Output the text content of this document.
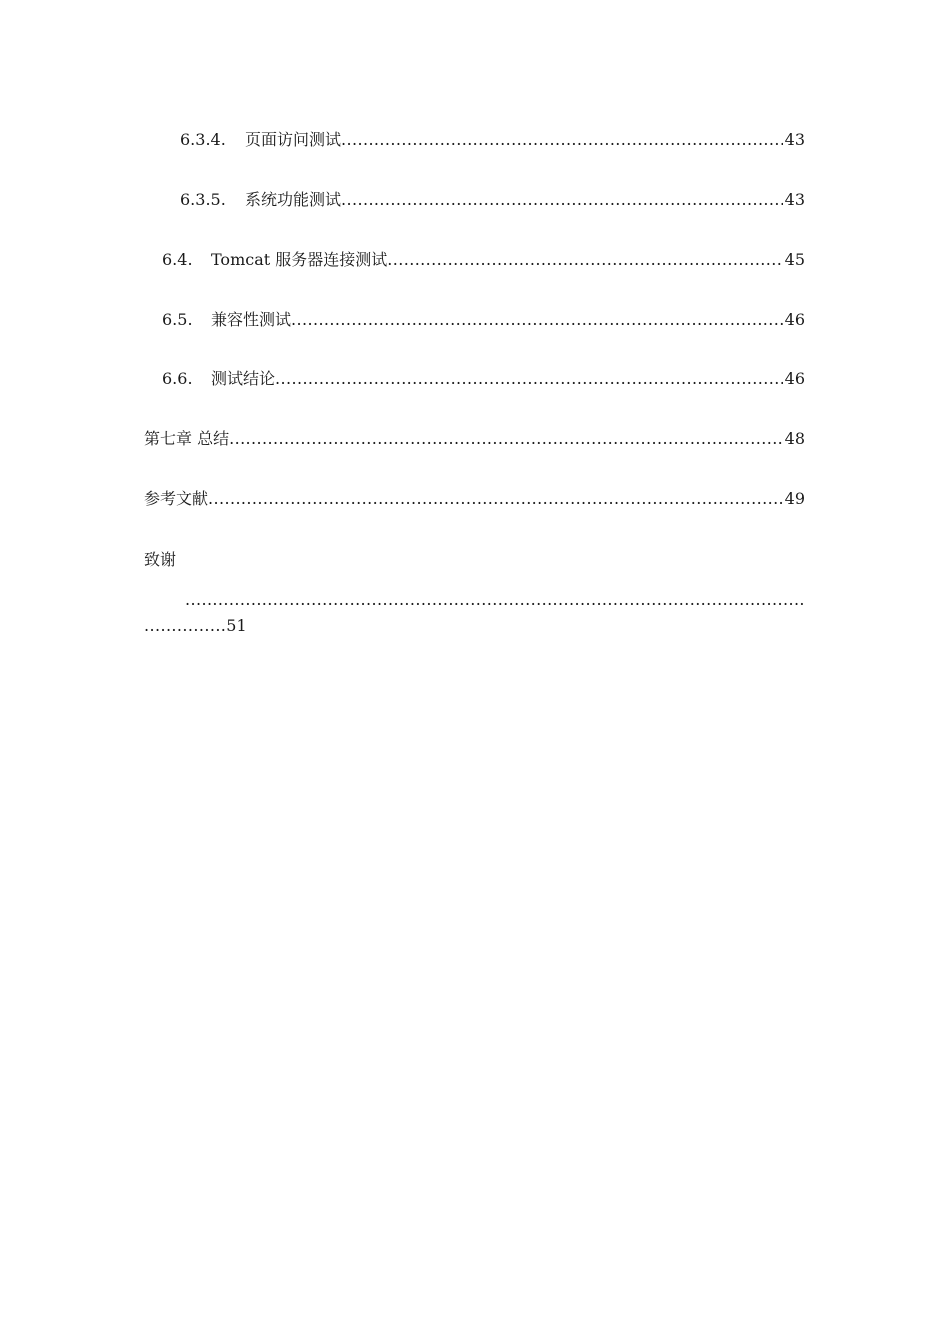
6.3.4.	页面访问测试 .....	43
6.3.5.	系统功能测试 .....	43
6.4.	Tomcat 服务器连接测试 .....	45
6.5.	兼容性测试 .....	46
6.6.	测试结论 .....	46
第七章 总结 .....	48
参考文献 .....	49
致谢
.....
..... 51
